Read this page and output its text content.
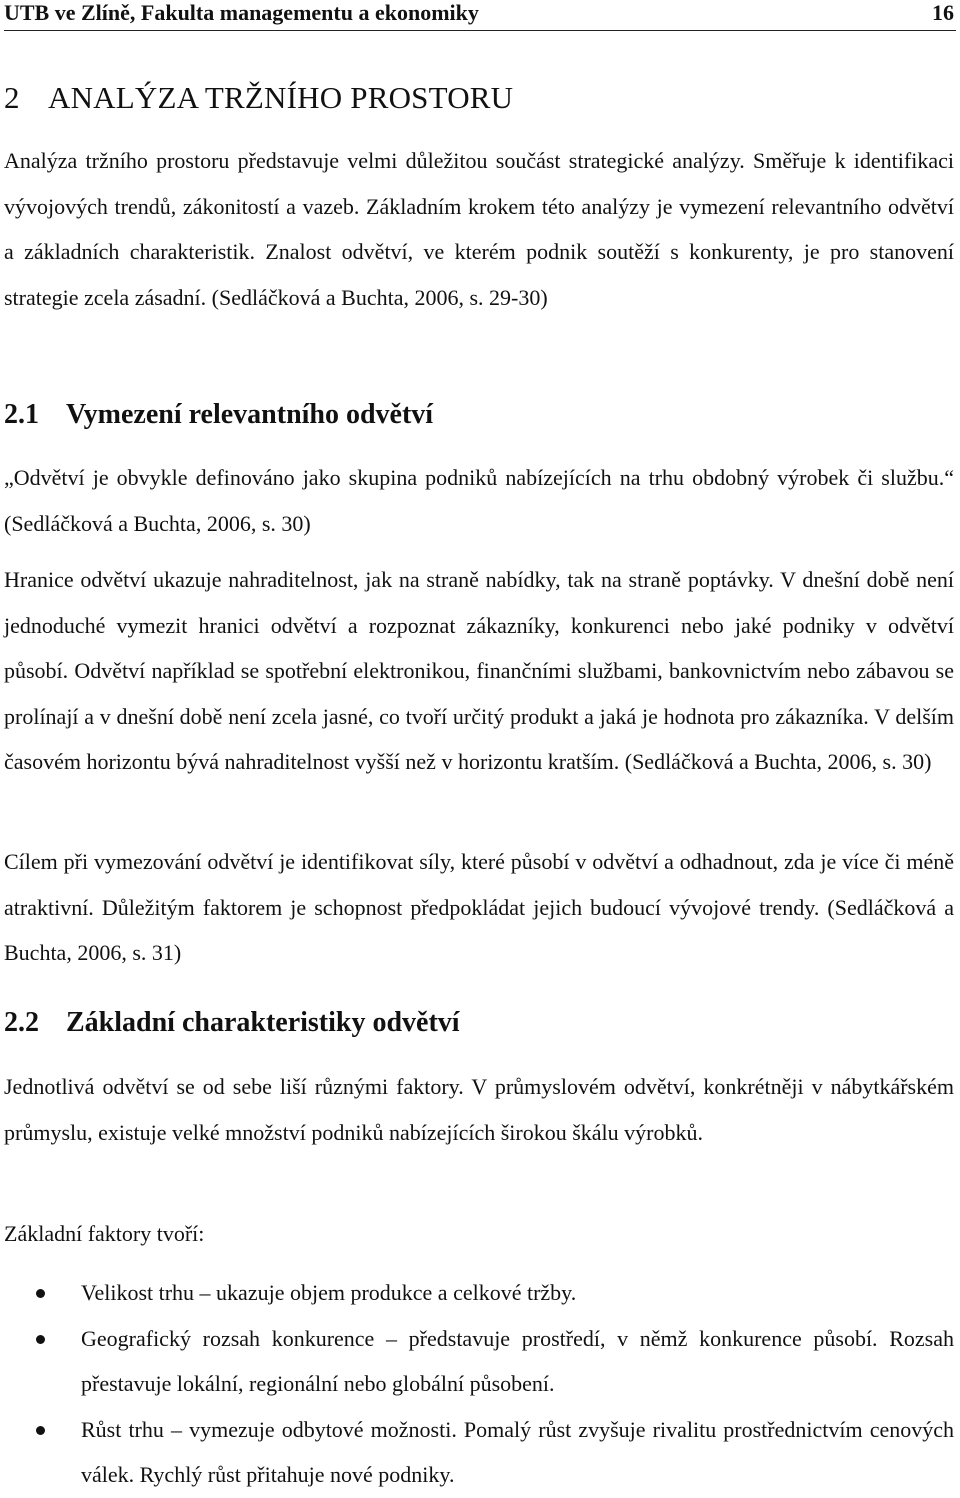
UTB ve Zlíně, Fakulta managementu a ekonomiky	16
2 ANALÝZA TRŽNÍHO PROSTORU

Analýza tržního prostoru představuje velmi důležitou součást strategické analýzy. Směřuje k identifikaci vývojových trendů, zákonitostí a vazeb. Základním krokem této analýzy je vymezení relevantního odvětví a základních charakteristik. Znalost odvětví, ve kterém podnik soutěží s konkurenty, je pro stanovení strategie zcela zásadní. (Sedláčková a Buchta, 2006, s. 29-30)

2.1 Vymezení relevantního odvětví

„Odvětví je obvykle definováno jako skupina podniků nabízejících na trhu obdobný výrobek či službu.“ (Sedláčková a Buchta, 2006, s. 30)

Hranice odvětví ukazuje nahraditelnost, jak na straně nabídky, tak na straně poptávky. V dnešní době není jednoduché vymezit hranici odvětví a rozpoznat zákazníky, konkurenci nebo jaké podniky v odvětví působí. Odvětví například se spotřební elektronikou, finančními službami, bankovnictvím nebo zábavou se prolínají a v dnešní době není zcela jasné, co tvoří určitý produkt a jaká je hodnota pro zákazníka. V delším časovém horizontu bývá nahraditelnost vyšší než v horizontu kratším. (Sedláčková a Buchta, 2006, s. 30)

Cílem při vymezování odvětví je identifikovat síly, které působí v odvětví a odhadnout, zda je více či méně atraktivní. Důležitým faktorem je schopnost předpokládat jejich budoucí vývojové trendy. (Sedláčková a Buchta, 2006, s. 31)

2.2 Základní charakteristiky odvětví

Jednotlivá odvětví se od sebe liší různými faktory. V průmyslovém odvětví, konkrétněji v nábytkářském průmyslu, existuje velké množství podniků nabízejících širokou škálu výrobků.

Základní faktory tvoří:

Velikost trhu – ukazuje objem produkce a celkové tržby.
Geografický rozsah konkurence – představuje prostředí, v němž konkurence působí. Rozsah přestavuje lokální, regionální nebo globální působení.
Růst trhu – vymezuje odbytové možnosti. Pomalý růst zvyšuje rivalitu prostřednictvím cenových válek. Rychlý růst přitahuje nové podniky.
